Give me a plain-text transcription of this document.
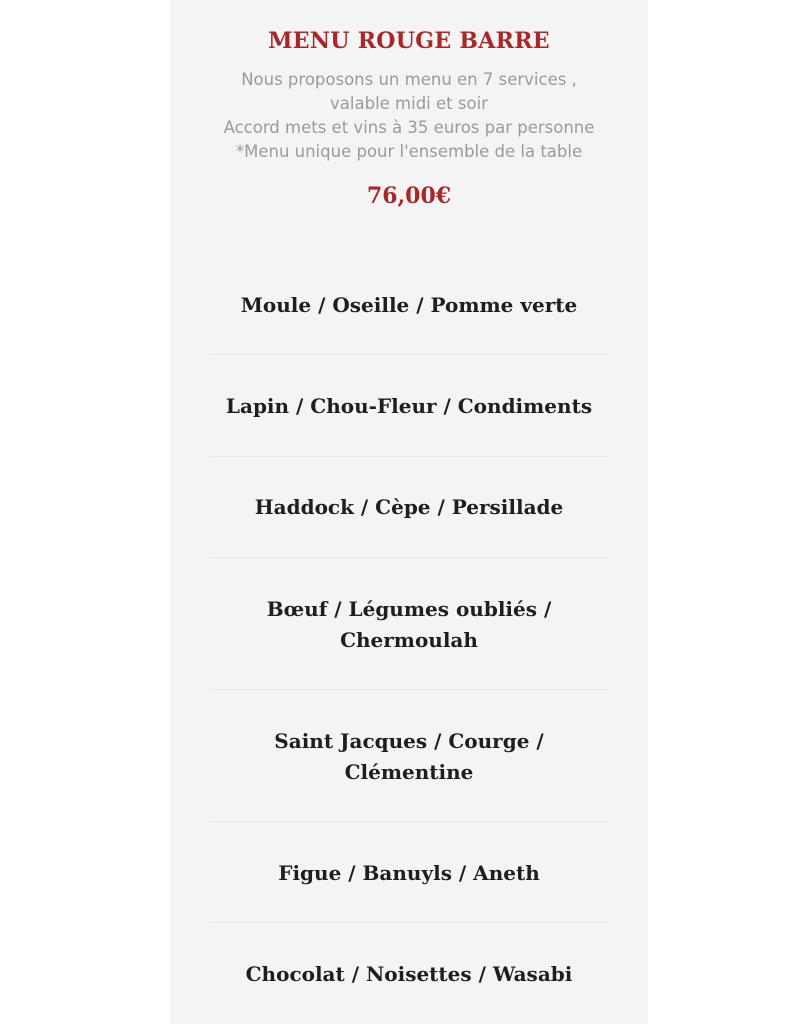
MENU ROUGE BARRE
Nous proposons un menu en 7 services ,
valable midi et soir
Accord mets et vins à 35 euros par personne
*Menu unique pour l'ensemble de la table
76,00€
Moule / Oseille / Pomme verte
Lapin / Chou-Fleur / Condiments
Haddock / Cèpe / Persillade
Bœuf / Légumes oubliés /
Chermoulah
Saint Jacques / Courge /
Clémentine
Figue / Banuyls / Aneth
Chocolat / Noisettes / Wasabi
